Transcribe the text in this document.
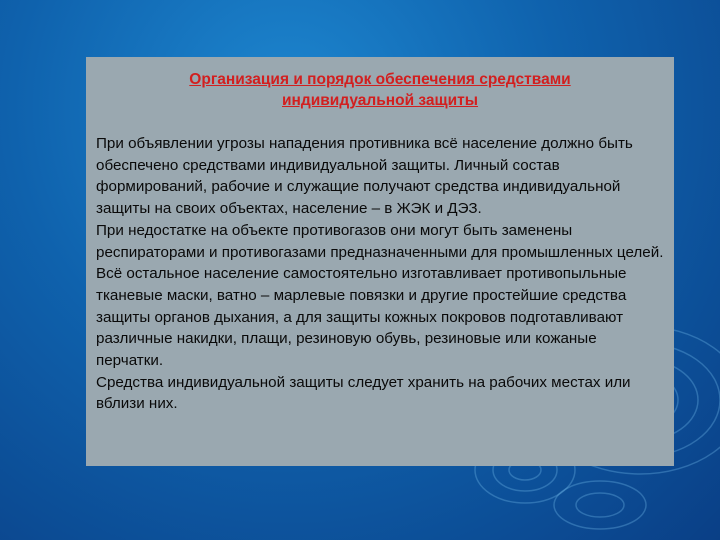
Организация и порядок обеспечения средствами
индивидуальной защиты

При объявлении угрозы нападения противника всё население должно быть обеспечено средствами индивидуальной защиты. Личный состав формирований, рабочие и служащие получают средства индивидуальной защиты на своих объектах, население – в ЖЭК и ДЭЗ.

При недостатке на объекте противогазов они могут быть заменены респираторами и противогазами предназначенными для промышленных целей. Всё остальное население самостоятельно изготавливает противопыльные тканевые маски, ватно – марлевые повязки и другие простейшие средства защиты органов дыхания, а для защиты кожных покровов подготавливают различные накидки, плащи, резиновую обувь, резиновые или кожаные перчатки.

Средства индивидуальной защиты следует хранить на рабочих местах или вблизи них.
